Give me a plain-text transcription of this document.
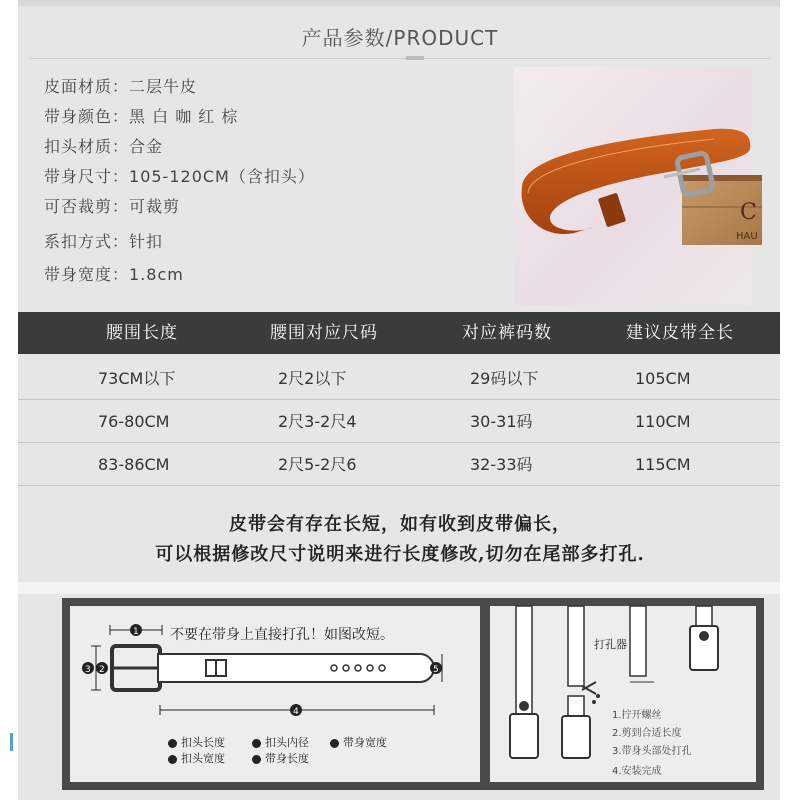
产品参数/PRODUCT
皮面材质：二层牛皮
带身颜色：黑 白 咖 红 棕
扣头材质：合金
带身尺寸：105-120CM（含扣头）
可否裁剪：可裁剪
系扣方式：针扣
带身宽度：1.8cm
C
HAU
腰围长度	腰围对应尺码	对应裤码数	建议皮带全长
73CM以下	2尺2以下	29码以下	105CM
76-80CM	2尺3-2尺4	30-31码	110CM
83-86CM	2尺5-2尺6	32-33码	115CM
皮带会有存在长短，如有收到皮带偏长，
可以根据修改尺寸说明来进行长度修改,切勿在尾部多打孔.
不要在带身上直接打孔！如图改短。
1
3 2	5
4
扣头长度	扣头内径	带身宽度
扣头宽度	带身长度
打孔器
1.拧开螺丝
2.剪到合适长度
3.带身头部处打孔
4.安装完成
